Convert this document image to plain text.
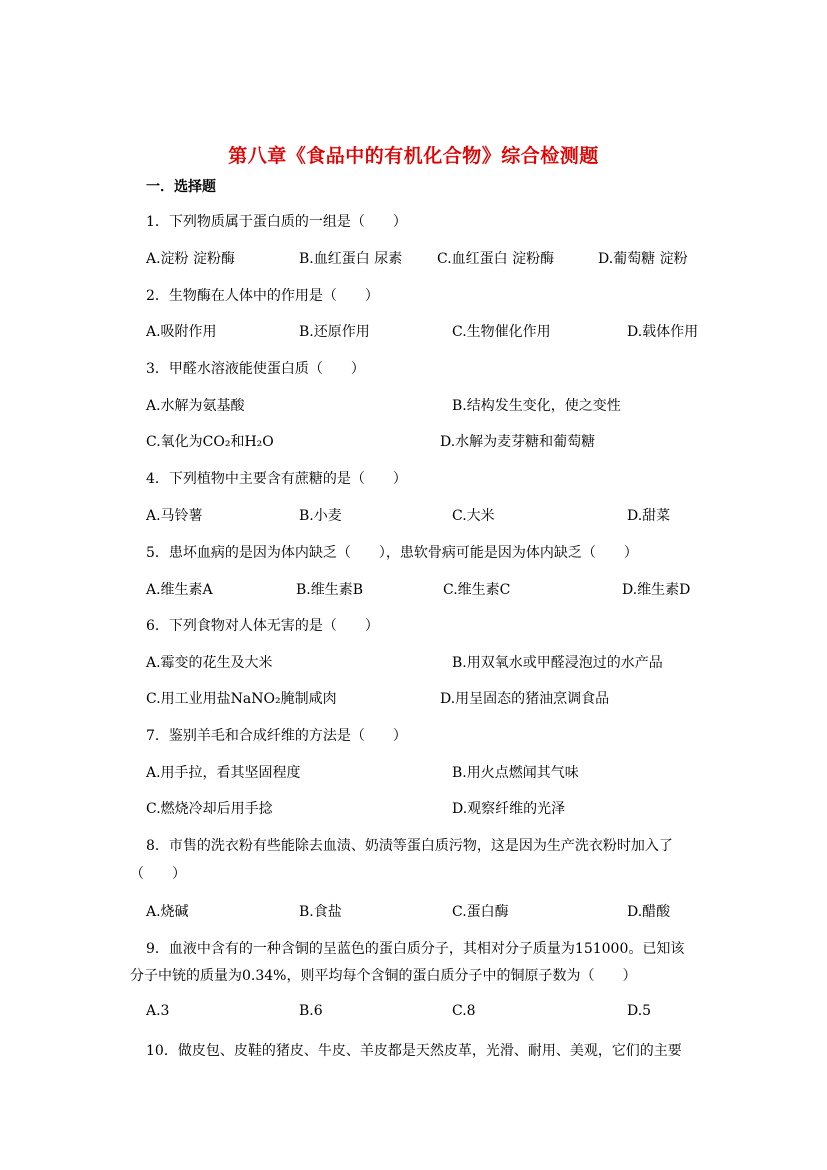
第八章《食品中的有机化合物》综合检测题
一．选择题
1．下列物质属于蛋白质的一组是（　　）
A.淀粉 淀粉酶	B.血红蛋白 尿素 C.血红蛋白 淀粉酶	D.葡萄糖 淀粉
2．生物酶在人体中的作用是（　　）
A.吸附作用	B.还原作用	C.生物催化作用	D.载体作用
3．甲醛水溶液能使蛋白质（　　）
A.水解为氨基酸	B.结构发生变化，使之变性
C.氧化为CO₂和H₂O	D.水解为麦芽糖和葡萄糖
4．下列植物中主要含有蔗糖的是（　　）
A.马铃薯	B.小麦	C.大米	D.甜菜
5．患坏血病的是因为体内缺乏（　　），患软骨病可能是因为体内缺乏（　　）
A.维生素A	B.维生素B	C.维生素C	D.维生素D
6．下列食物对人体无害的是（　　）
A.霉变的花生及大米	B.用双氧水或甲醛浸泡过的水产品
C.用工业用盐NaNO₂腌制咸肉	D.用呈固态的猪油烹调食品
7．鉴别羊毛和合成纤维的方法是（　　）
A.用手拉，看其坚固程度	B.用火点燃闻其气味
C.燃烧冷却后用手捻	D.观察纤维的光泽
8．市售的洗衣粉有些能除去血渍、奶渍等蛋白质污物，这是因为生产洗衣粉时加入了
（　　）
A.烧碱	B.食盐	C.蛋白酶	D.醋酸
9．血液中含有的一种含铜的呈蓝色的蛋白质分子，其相对分子质量为151000。已知该
分子中铳的质量为0.34%，则平均每个含铜的蛋白质分子中的铜原子数为（　　）
A.3	B.6	C.8	D.5
10．做皮包、皮鞋的猪皮、牛皮、羊皮都是天然皮革，光滑、耐用、美观，它们的主要
